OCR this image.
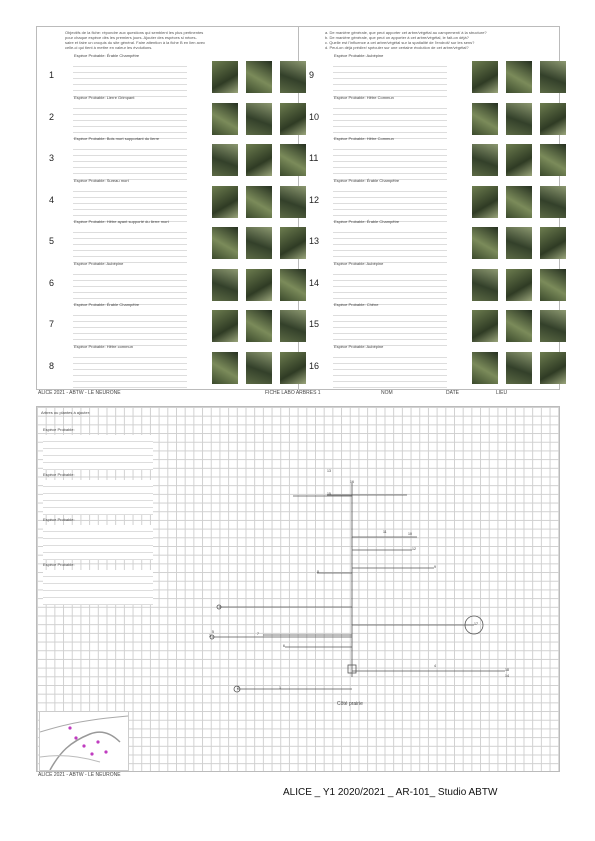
Objectifs de la fiche: répondre aux questions qui semblent les plus pertinentes
pour chaque espèce dès les premiers jours. Ajouter des espèces si néces-
saire et faire un croquis du site général. Faire attention à la fiche B en lien avec
celle-ci qui tient à mettre en valeur les évolutions.
a. De manière générale, que peut apporter cet arbre/végétal au campement/ à la structure?
b. De manière générale, que peut on apporter à cet arbre/végétal, le fait-on déjà?
c. Quelle est l'influence a cet arbre/végétal sur la spatialité de l'endroit/ sur les sens?
d. Peut-on déjà prédire/ spéculer sur une certaine évolution de cet arbre/végétal?
1
Espèce Probable: Érable Champêtre
2
Espèce Probable: Lierre Grimpant
3
Espèce Probable: Bois mort supportant du lierre
4
Espèce Probable: Sureau mort
5
Espèce Probable: Hêtre ayant supporté du lierre mort
6
Espèce Probable: Aubépine
7
Espèce Probable: Érable Champêtre
8
Espèce Probable: Hêtre commun
9
Espèce Probable: Aubépine
10
Espèce Probable: Hêtre Commun
11
Espèce Probable: Hêtre Commun
12
Espèce Probable: Érable Champêtre
13
Espèce Probable: Érable Champêtre
14
Espèce Probable: Aubépine
15
Espèce Probable: Chêne
16
Espèce Probable: Aubépine
ALICE 2021 - ABTW - LE NEURONE	FICHE LABO ARBRES 1	NOM	DATE	LIEU
Arbres ou plantes à ajouter:
Espèce Probable:
Espèce Probable:
Espèce Probable:
Espèce Probable:
13
15
16
10
11
12
9
8
7
6
4
5
3
1
2
17
18
14
Côté prairie
ALICE 2021 - ABTW - LE NEURONE
ALICE _ Y1 2020/2021 _ AR-101_ Studio ABTW
